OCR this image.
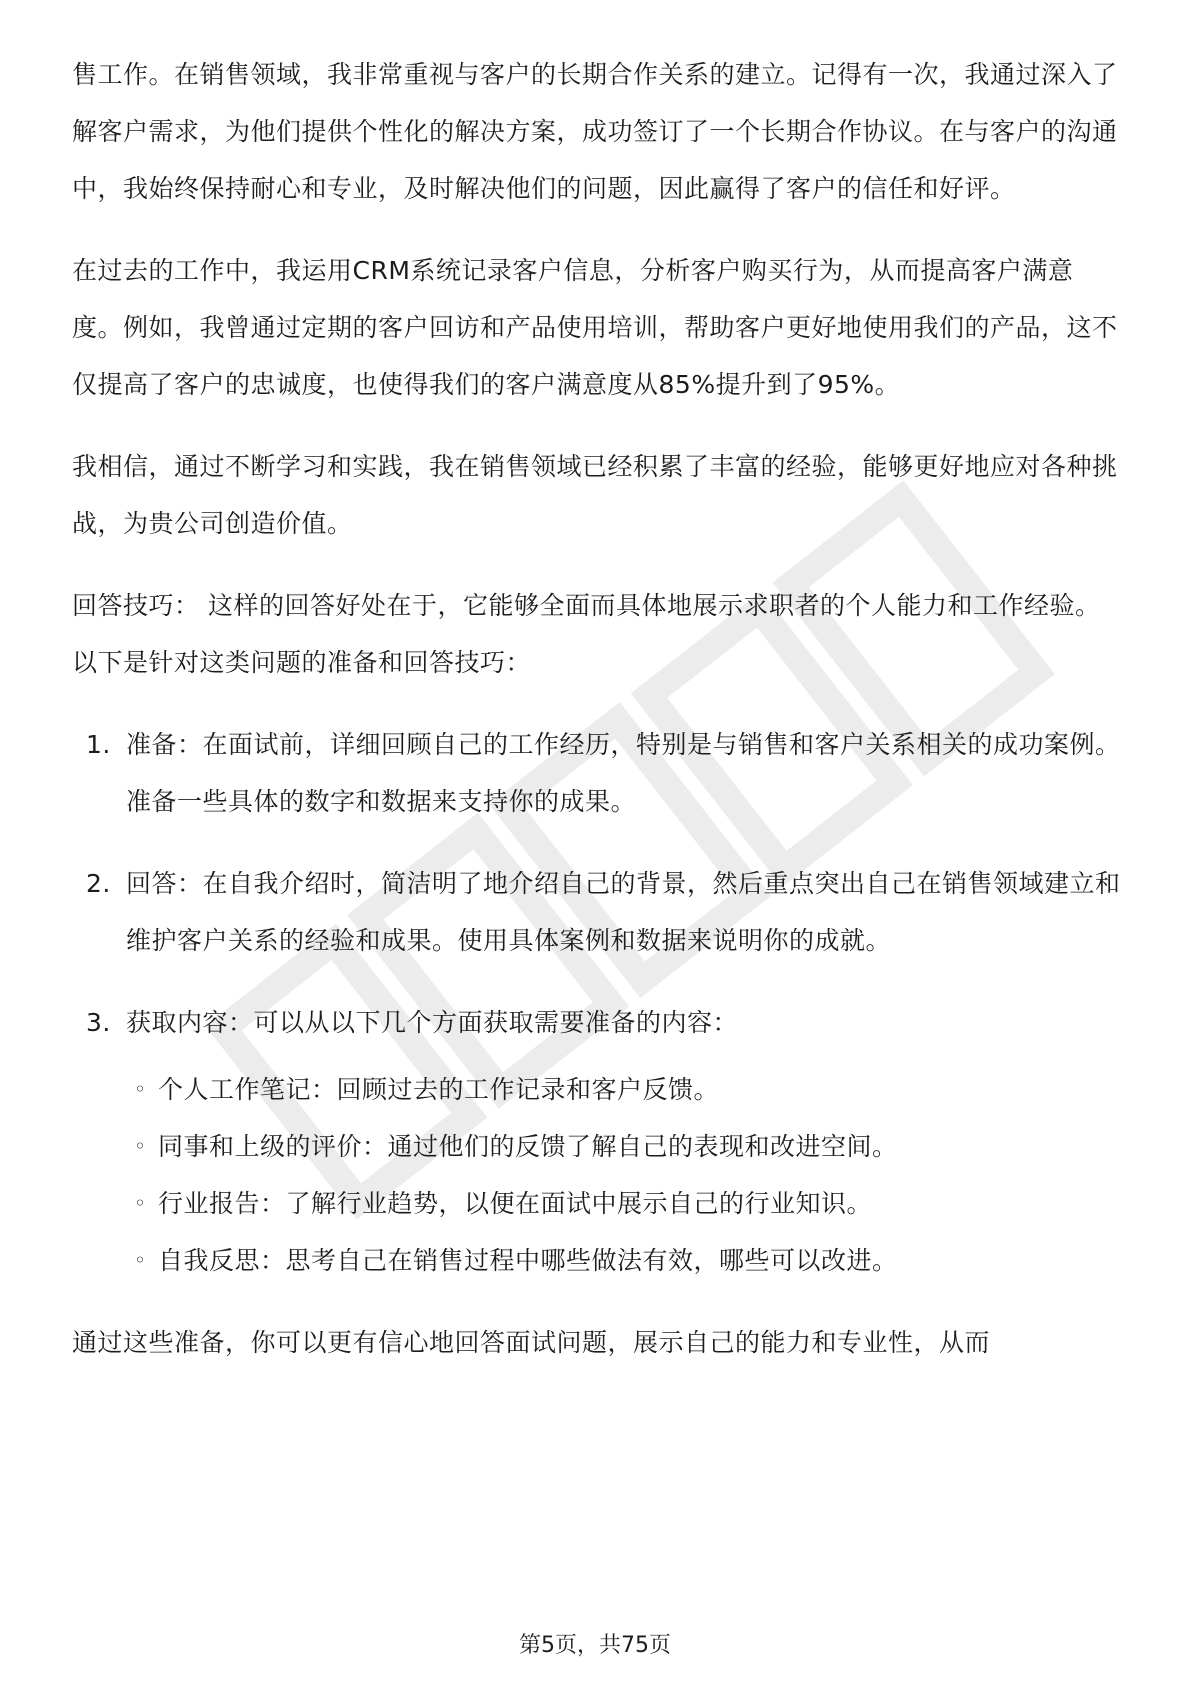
售工作。在销售领域，我非常重视与客户的长期合作关系的建立。记得有一次，我通过深入了解客户需求，为他们提供个性化的解决方案，成功签订了一个长期合作协议。在与客户的沟通中，我始终保持耐心和专业，及时解决他们的问题，因此赢得了客户的信任和好评。

在过去的工作中，我运用CRM系统记录客户信息，分析客户购买行为，从而提高客户满意度。例如，我曾通过定期的客户回访和产品使用培训，帮助客户更好地使用我们的产品，这不仅提高了客户的忠诚度，也使得我们的客户满意度从85%提升到了95%。

我相信，通过不断学习和实践，我在销售领域已经积累了丰富的经验，能够更好地应对各种挑战，为贵公司创造价值。

回答技巧： 这样的回答好处在于，它能够全面而具体地展示求职者的个人能力和工作经验。以下是针对这类问题的准备和回答技巧：

1. 准备：在面试前，详细回顾自己的工作经历，特别是与销售和客户关系相关的成功案例。准备一些具体的数字和数据来支持你的成果。
2. 回答：在自我介绍时，简洁明了地介绍自己的背景，然后重点突出自己在销售领域建立和维护客户关系的经验和成果。使用具体案例和数据来说明你的成就。
3. 获取内容：可以从以下几个方面获取需要准备的内容：
◦ 个人工作笔记：回顾过去的工作记录和客户反馈。
◦ 同事和上级的评价：通过他们的反馈了解自己的表现和改进空间。
◦ 行业报告：了解行业趋势，以便在面试中展示自己的行业知识。
◦ 自我反思：思考自己在销售过程中哪些做法有效，哪些可以改进。

通过这些准备，你可以更有信心地回答面试问题，展示自己的能力和专业性，从而

第5页，共75页
